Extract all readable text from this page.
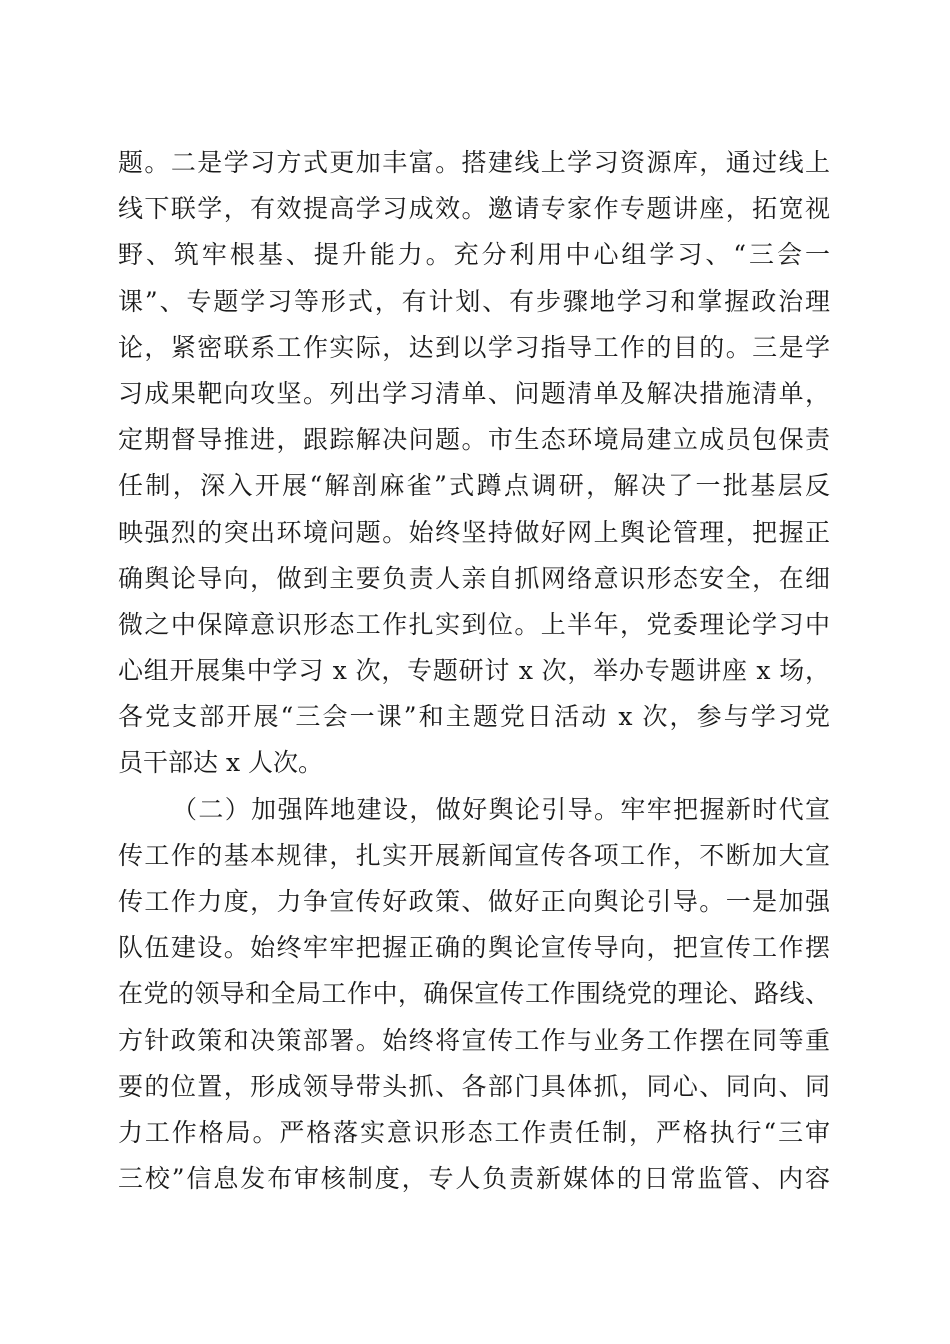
题。二是学习方式更加丰富。搭建线上学习资源库，通过线上
线下联学，有效提高学习成效。邀请专家作专题讲座，拓宽视
野、筑牢根基、提升能力。充分利用中心组学习、“三会一
课”、专题学习等形式，有计划、有步骤地学习和掌握政治理
论，紧密联系工作实际，达到以学习指导工作的目的。三是学
习成果靶向攻坚。列出学习清单、问题清单及解决措施清单，
定期督导推进，跟踪解决问题。市生态环境局建立成员包保责
任制，深入开展“解剖麻雀”式蹲点调研，解决了一批基层反
映强烈的突出环境问题。始终坚持做好网上舆论管理，把握正
确舆论导向，做到主要负责人亲自抓网络意识形态安全，在细
微之中保障意识形态工作扎实到位。上半年，党委理论学习中
心组开展集中学习 x 次，专题研讨 x 次，举办专题讲座 x 场，
各党支部开展“三会一课”和主题党日活动 x 次，参与学习党
员干部达 x 人次。
（二）加强阵地建设，做好舆论引导。牢牢把握新时代宣
传工作的基本规律，扎实开展新闻宣传各项工作，不断加大宣
传工作力度，力争宣传好政策、做好正向舆论引导。一是加强
队伍建设。始终牢牢把握正确的舆论宣传导向，把宣传工作摆
在党的领导和全局工作中，确保宣传工作围绕党的理论、路线、
方针政策和决策部署。始终将宣传工作与业务工作摆在同等重
要的位置，形成领导带头抓、各部门具体抓，同心、同向、同
力工作格局。严格落实意识形态工作责任制，严格执行“三审
三校”信息发布审核制度，专人负责新媒体的日常监管、内容
